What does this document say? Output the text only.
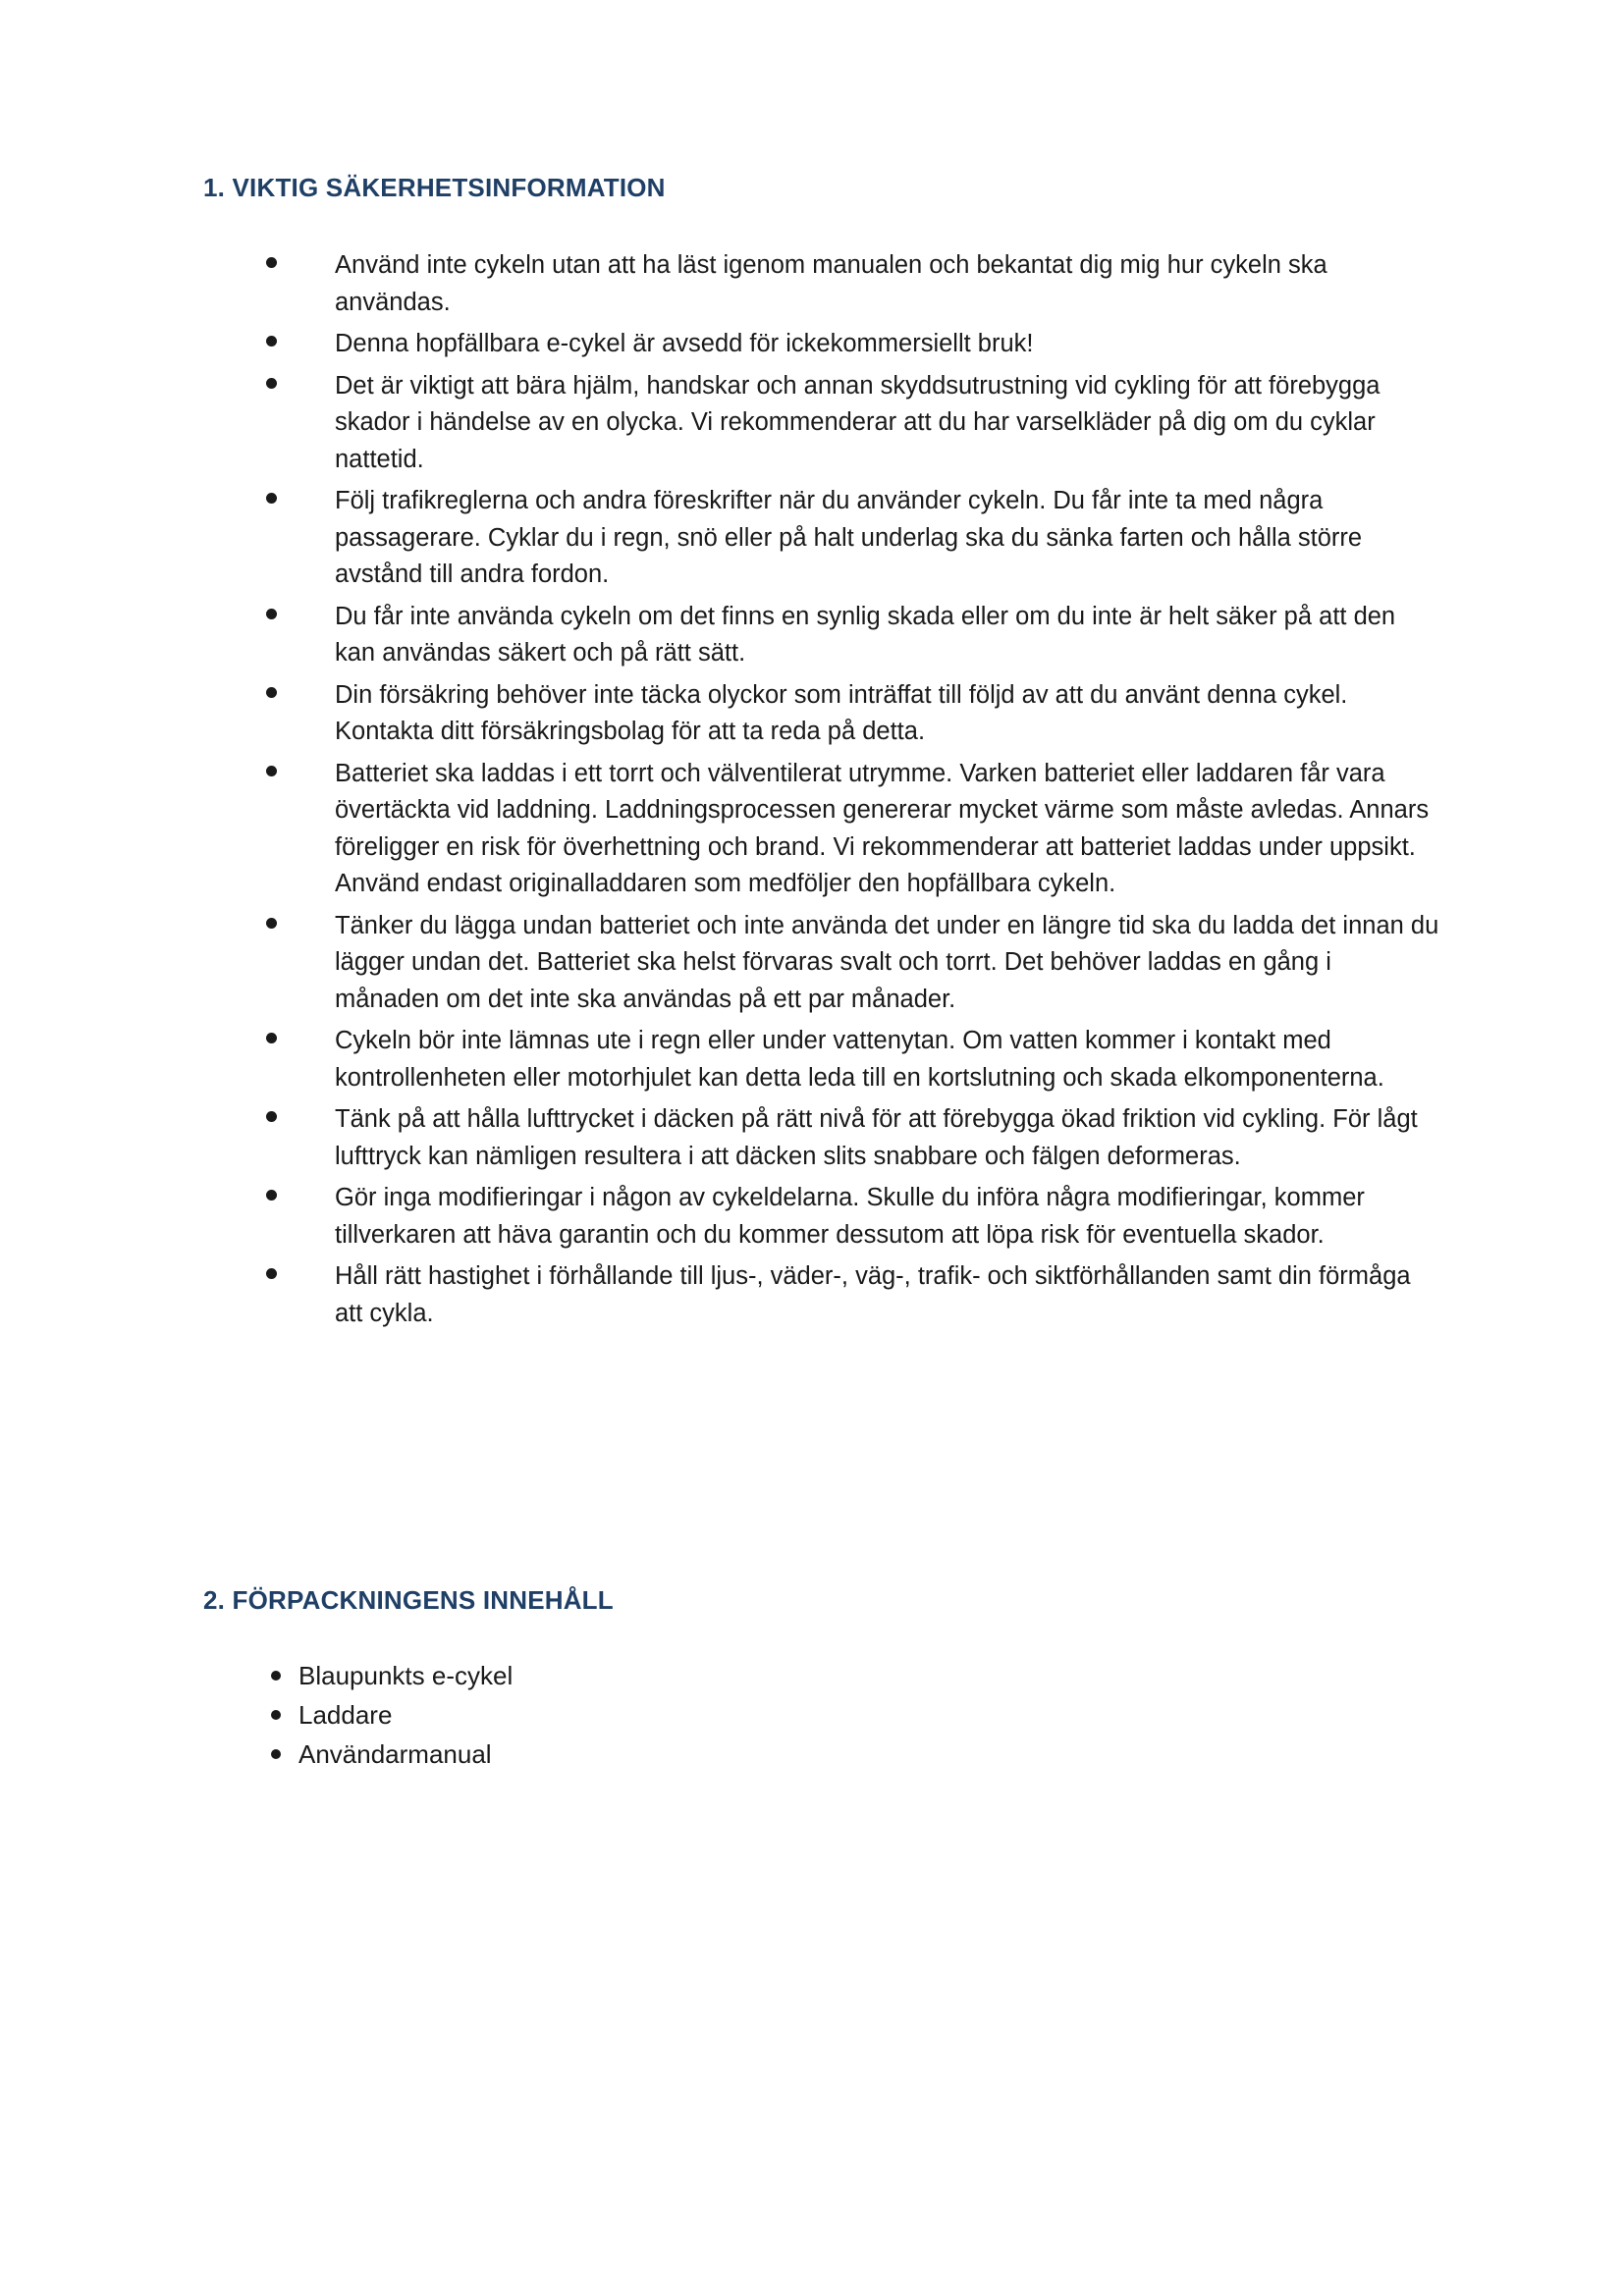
1. VIKTIG SÄKERHETSINFORMATION
Använd inte cykeln utan att ha läst igenom manualen och bekantat dig mig hur cykeln ska användas.
Denna hopfällbara e-cykel är avsedd för ickekommersiellt bruk!
Det är viktigt att bära hjälm, handskar och annan skyddsutrustning vid cykling för att förebygga skador i händelse av en olycka. Vi rekommenderar att du har varselkläder på dig om du cyklar nattetid.
Följ trafikreglerna och andra föreskrifter när du använder cykeln. Du får inte ta med några passagerare. Cyklar du i regn, snö eller på halt underlag ska du sänka farten och hålla större avstånd till andra fordon.
Du får inte använda cykeln om det finns en synlig skada eller om du inte är helt säker på att den kan användas säkert och på rätt sätt.
Din försäkring behöver inte täcka olyckor som inträffat till följd av att du använt denna cykel. Kontakta ditt försäkringsbolag för att ta reda på detta.
Batteriet ska laddas i ett torrt och välventilerat utrymme. Varken batteriet eller laddaren får vara övertäckta vid laddning. Laddningsprocessen genererar mycket värme som måste avledas. Annars föreligger en risk för överhettning och brand. Vi rekommenderar att batteriet laddas under uppsikt. Använd endast originalladdaren som medföljer den hopfällbara cykeln.
Tänker du lägga undan batteriet och inte använda det under en längre tid ska du ladda det innan du lägger undan det. Batteriet ska helst förvaras svalt och torrt. Det behöver laddas en gång i månaden om det inte ska användas på ett par månader.
Cykeln bör inte lämnas ute i regn eller under vattenytan. Om vatten kommer i kontakt med kontrollenheten eller motorhjulet kan detta leda till en kortslutning och skada elkomponenterna.
Tänk på att hålla lufttrycket i däcken på rätt nivå för att förebygga ökad friktion vid cykling. För lågt lufttryck kan nämligen resultera i att däcken slits snabbare och fälgen deformeras.
Gör inga modifieringar i någon av cykeldelarna. Skulle du införa några modifieringar, kommer tillverkaren att häva garantin och du kommer dessutom att löpa risk för eventuella skador.
Håll rätt hastighet i förhållande till ljus-, väder-, väg-, trafik- och siktförhållanden samt din förmåga att cykla.
2. FÖRPACKNINGENS INNEHÅLL
Blaupunkts e-cykel
Laddare
Användarmanual
